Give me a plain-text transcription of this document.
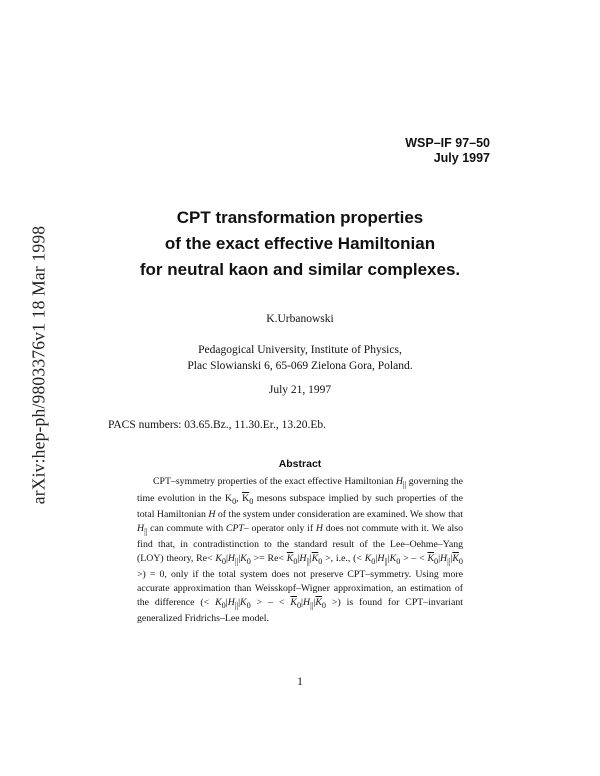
arXiv:hep-ph/9803376v1 18 Mar 1998
WSP–IF 97–50
July 1997
CPT transformation properties
of the exact effective Hamiltonian
for neutral kaon and similar complexes.
K.Urbanowski
Pedagogical University, Institute of Physics,
Plac Slowianski 6, 65-069 Zielona Gora, Poland.
July 21, 1997
PACS numbers: 03.65.Bz., 11.30.Er., 13.20.Eb.
Abstract

CPT–symmetry properties of the exact effective Hamiltonian $H_{||}$ governing the time evolution in the $K_0$, $\overline{K}_0$ mesons subspace implied by such properties of the total Hamiltonian H of the system under consideration are examined. We show that $H_{||}$ can commute with CPT– operator only if H does not commute with it. We also find that, in contradistinction to the standard result of the Lee–Oehme–Yang (LOY) theory, $Re< K_0|H_{||}|K_0 >= Re< \overline{K}_0|H_{||}|\overline{K}_0$ >, i.e., (< $K_0|H_{||}|K_0$ > – < $\overline{K}_0|H_{||}|\overline{K}_0$ >) = 0, only if the total system does not preserve CPT–symmetry. Using more accurate approximation than Weisskopf–Wigner approximation, an estimation of the difference (< $K_0|H_{||}|K_0$ > – < $\overline{K}_0|H_{||}|\overline{K}_0$ >) is found for CPT–invariant generalized Fridrichs–Lee model.

1
